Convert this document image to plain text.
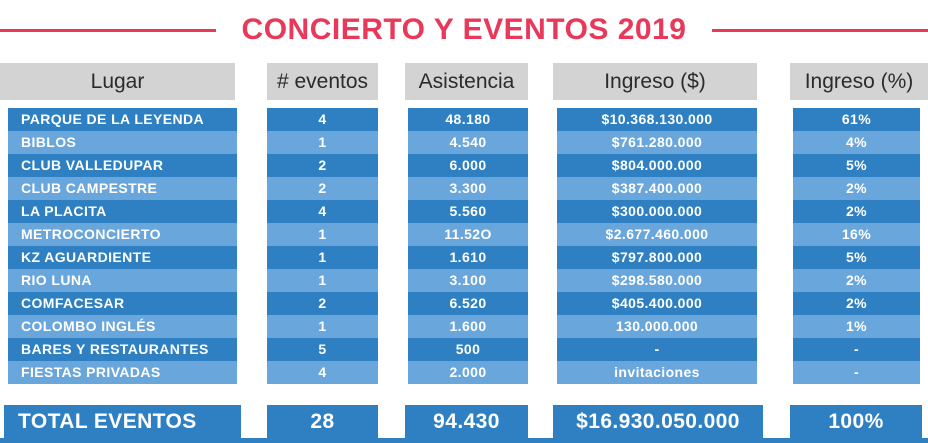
CONCIERTO Y EVENTOS 2019
Lugar	# eventos	Asistencia	Ingreso ($)	Ingreso (%)
PARQUE DE LA LEYENDA	4	48.180	$10.368.130.000	61%
BIBLOS	1	4.540	$761.280.000	4%
CLUB VALLEDUPAR	2	6.000	$804.000.000	5%
CLUB CAMPESTRE	2	3.300	$387.400.000	2%
LA PLACITA	4	5.560	$300.000.000	2%
METROCONCIERTO	1	11.52O	$2.677.460.000	16%
KZ AGUARDIENTE	1	1.610	$797.800.000	5%
RIO LUNA	1	3.100	$298.580.000	2%
COMFACESAR	2	6.520	$405.400.000	2%
COLOMBO INGLÉS	1	1.600	130.000.000	1%
BARES Y RESTAURANTES	5	500	-	-
FIESTAS PRIVADAS	4	2.000	invitaciones	-
TOTAL EVENTOS	28	94.430	$16.930.050.000	100%
